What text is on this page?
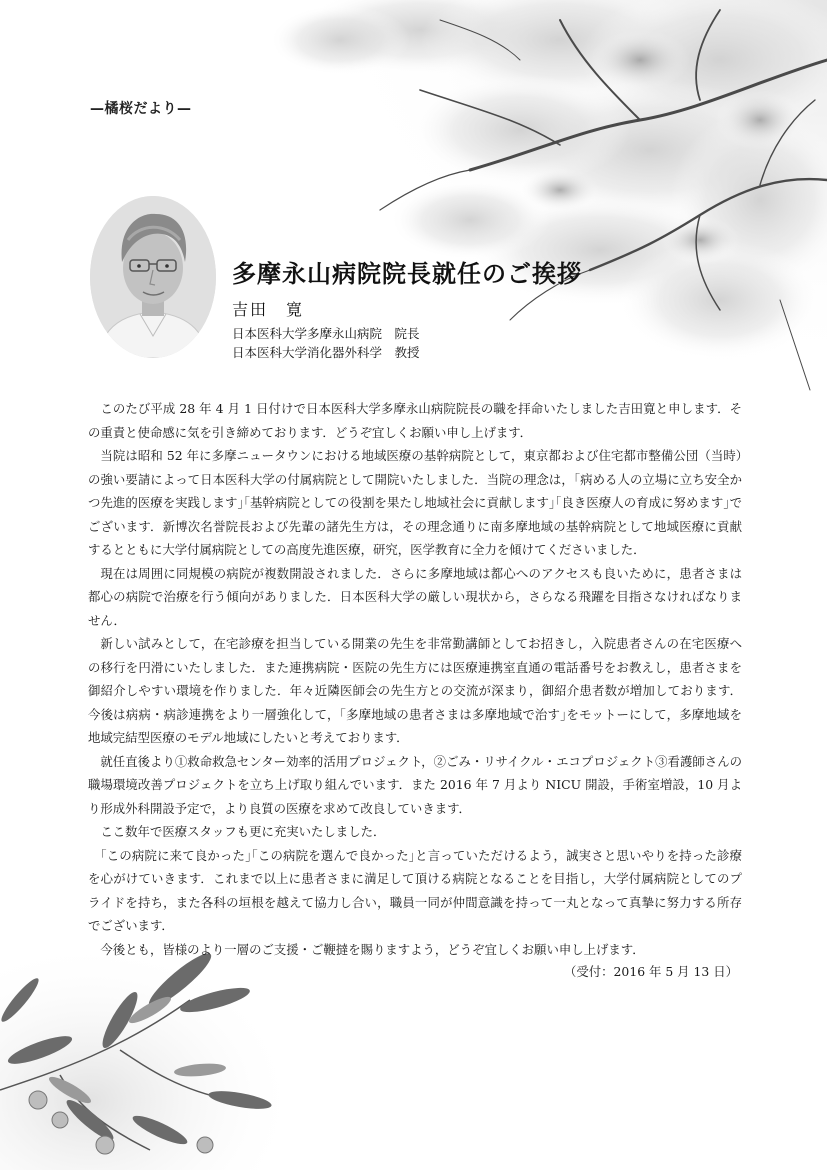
—橘桜だより—
多摩永山病院院長就任のご挨拶
吉田　寛
日本医科大学多摩永山病院　院長
日本医科大学消化器外科学　教授

このたび平成 28 年 4 月 1 日付けで日本医科大学多摩永山病院院長の職を拝命いたしました吉田寛と申します．その重責と使命感に気を引き締めております．どうぞ宜しくお願い申し上げます．

当院は昭和 52 年に多摩ニュータウンにおける地域医療の基幹病院として，東京都および住宅都市整備公団（当時）の強い要請によって日本医科大学の付属病院として開院いたしました．当院の理念は，｢病める人の立場に立ち安全かつ先進的医療を実践します｣｢基幹病院としての役割を果たし地域社会に貢献します｣｢良き医療人の育成に努めます｣でございます．新博次名誉院長および先輩の諸先生方は，その理念通りに南多摩地域の基幹病院として地域医療に貢献するとともに大学付属病院としての高度先進医療，研究，医学教育に全力を傾けてくださいました．

現在は周囲に同規模の病院が複数開設されました．さらに多摩地域は都心へのアクセスも良いために，患者さまは都心の病院で治療を行う傾向がありました．日本医科大学の厳しい現状から，さらなる飛躍を目指さなければなりません．

新しい試みとして，在宅診療を担当している開業の先生を非常勤講師としてお招きし，入院患者さんの在宅医療への移行を円滑にいたしました．また連携病院・医院の先生方には医療連携室直通の電話番号をお教えし，患者さまを御紹介しやすい環境を作りました．年々近隣医師会の先生方との交流が深まり，御紹介患者数が増加しております．今後は病病・病診連携をより一層強化して，｢多摩地域の患者さまは多摩地域で治す｣をモットーにして，多摩地域を地域完結型医療のモデル地域にしたいと考えております．

就任直後より①救命救急センター効率的活用プロジェクト，②ごみ・リサイクル・エコプロジェクト③看護師さんの職場環境改善プロジェクトを立ち上げ取り組んでいます．また 2016 年 7 月より NICU 開設，手術室増設，10 月より形成外科開設予定で，より良質の医療を求めて改良していきます．

ここ数年で医療スタッフも更に充実いたしました．

｢この病院に来て良かった｣｢この病院を選んで良かった｣と言っていただけるよう，誠実さと思いやりを持った診療を心がけていきます．これまで以上に患者さまに満足して頂ける病院となることを目指し，大学付属病院としてのプライドを持ち，また各科の垣根を越えて協力し合い，職員一同が仲間意識を持って一丸となって真摯に努力する所存でございます．

今後とも，皆様のより一層のご支援・ご鞭撻を賜りますよう，どうぞ宜しくお願い申し上げます．

（受付：2016 年 5 月 13 日）
